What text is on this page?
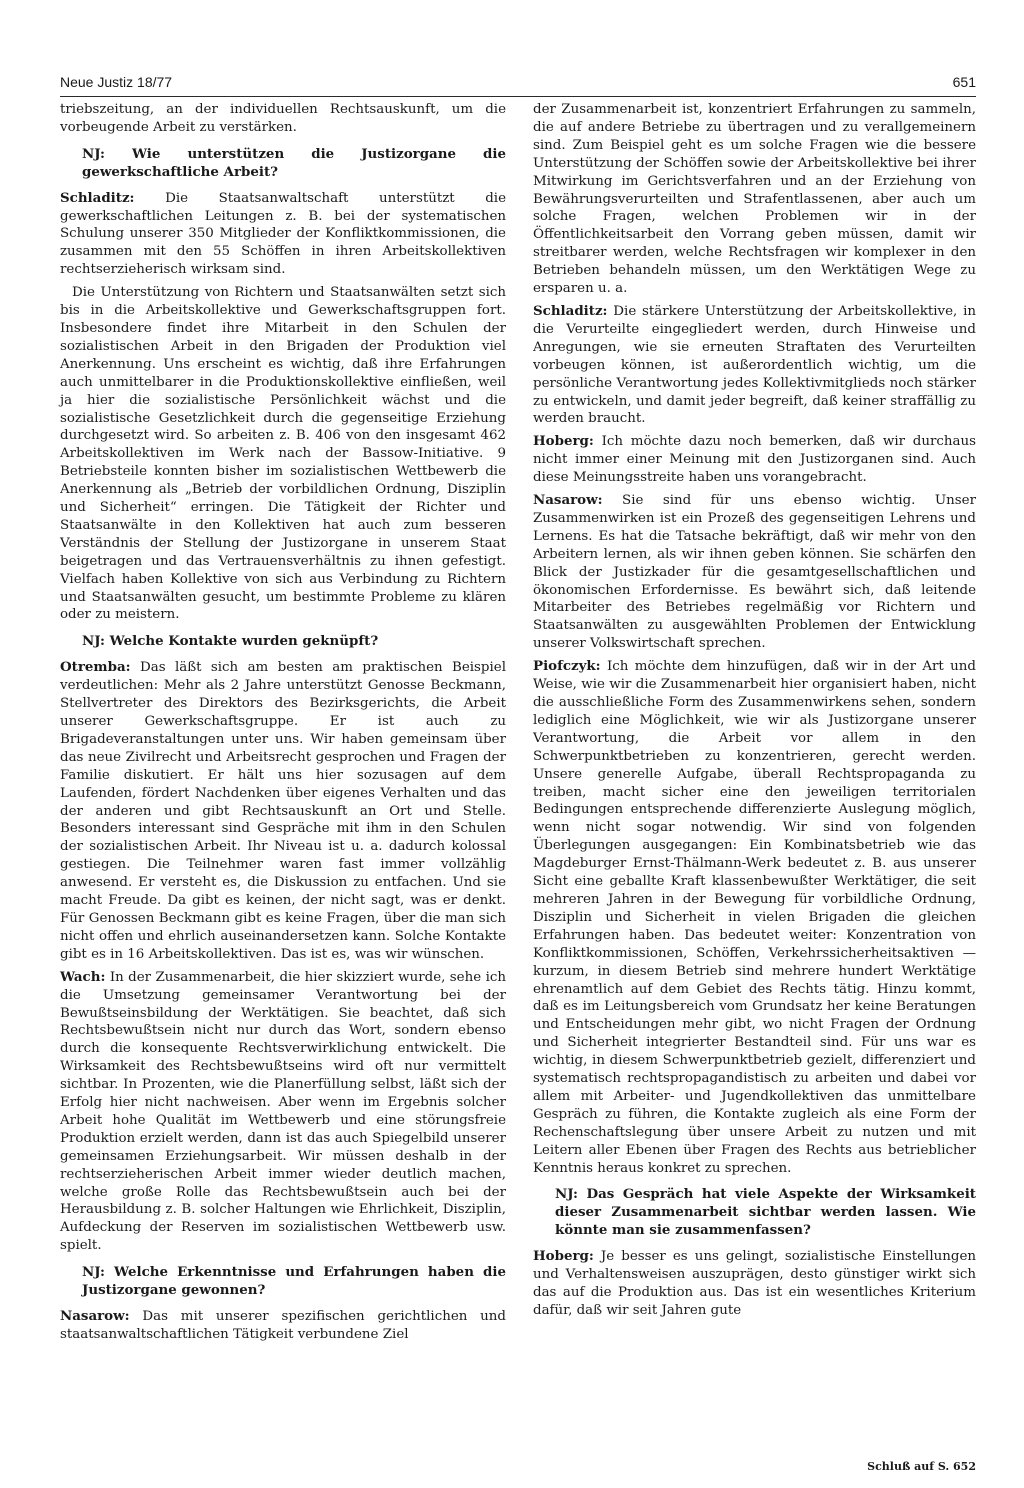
Neue Justiz 18/77	651

triebszeitung, an der individuellen Rechtsauskunft, um die vorbeugende Arbeit zu verstärken.

NJ: Wie unterstützen die Justizorgane die gewerkschaftliche Arbeit?

Schladitz: Die Staatsanwaltschaft unterstützt die gewerkschaftlichen Leitungen z. B. bei der systematischen Schulung unserer 350 Mitglieder der Konfliktkommissionen, die zusammen mit den 55 Schöffen in ihren Arbeitskollektiven rechtserzieherisch wirksam sind.

Die Unterstützung von Richtern und Staatsanwälten setzt sich bis in die Arbeitskollektive und Gewerkschaftsgruppen fort. Insbesondere findet ihre Mitarbeit in den Schulen der sozialistischen Arbeit in den Brigaden der Produktion viel Anerkennung. Uns erscheint es wichtig, daß ihre Erfahrungen auch unmittelbarer in die Produktionskollektive einfließen, weil ja hier die sozialistische Persönlichkeit wächst und die sozialistische Gesetzlichkeit durch die gegenseitige Erziehung durchgesetzt wird. So arbeiten z. B. 406 von den insgesamt 462 Arbeitskollektiven im Werk nach der Bassow-Initiative. 9 Betriebsteile konnten bisher im sozialistischen Wettbewerb die Anerkennung als „Betrieb der vorbildlichen Ordnung, Disziplin und Sicherheit“ erringen. Die Tätigkeit der Richter und Staatsanwälte in den Kollektiven hat auch zum besseren Verständnis der Stellung der Justizorgane in unserem Staat beigetragen und das Vertrauensverhältnis zu ihnen gefestigt. Vielfach haben Kollektive von sich aus Verbindung zu Richtern und Staatsanwälten gesucht, um bestimmte Probleme zu klären oder zu meistern.

NJ: Welche Kontakte wurden geknüpft?

Otremba: Das läßt sich am besten am praktischen Beispiel verdeutlichen: Mehr als 2 Jahre unterstützt Genosse Beckmann, Stellvertreter des Direktors des Bezirksgerichts, die Arbeit unserer Gewerkschaftsgruppe. Er ist auch zu Brigadeveranstaltungen unter uns. Wir haben gemeinsam über das neue Zivilrecht und Arbeitsrecht gesprochen und Fragen der Familie diskutiert. Er hält uns hier sozusagen auf dem Laufenden, fördert Nachdenken über eigenes Verhalten und das der anderen und gibt Rechtsauskunft an Ort und Stelle. Besonders interessant sind Gespräche mit ihm in den Schulen der sozialistischen Arbeit. Ihr Niveau ist u. a. dadurch kolossal gestiegen. Die Teilnehmer waren fast immer vollzählig anwesend. Er versteht es, die Diskussion zu entfachen. Und sie macht Freude. Da gibt es keinen, der nicht sagt, was er denkt. Für Genossen Beckmann gibt es keine Fragen, über die man sich nicht offen und ehrlich auseinandersetzen kann. Solche Kontakte gibt es in 16 Arbeitskollektiven. Das ist es, was wir wünschen.

Wach: In der Zusammenarbeit, die hier skizziert wurde, sehe ich die Umsetzung gemeinsamer Verantwortung bei der Bewußtseinsbildung der Werktätigen. Sie beachtet, daß sich Rechtsbewußtsein nicht nur durch das Wort, sondern ebenso durch die konsequente Rechtsverwirklichung entwickelt. Die Wirksamkeit des Rechtsbewußtseins wird oft nur vermittelt sichtbar. In Prozenten, wie die Planerfüllung selbst, läßt sich der Erfolg hier nicht nachweisen. Aber wenn im Ergebnis solcher Arbeit hohe Qualität im Wettbewerb und eine störungsfreie Produktion erzielt werden, dann ist das auch Spiegelbild unserer gemeinsamen Erziehungsarbeit. Wir müssen deshalb in der rechtserzieherischen Arbeit immer wieder deutlich machen, welche große Rolle das Rechtsbewußtsein auch bei der Herausbildung z. B. solcher Haltungen wie Ehrlichkeit, Disziplin, Aufdeckung der Reserven im sozialistischen Wettbewerb usw. spielt.

NJ: Welche Erkenntnisse und Erfahrungen haben die Justizorgane gewonnen?

Nasarow: Das mit unserer spezifischen gerichtlichen und staatsanwaltschaftlichen Tätigkeit verbundene Ziel

der Zusammenarbeit ist, konzentriert Erfahrungen zu sammeln, die auf andere Betriebe zu übertragen und zu verallgemeinern sind. Zum Beispiel geht es um solche Fragen wie die bessere Unterstützung der Schöffen sowie der Arbeitskollektive bei ihrer Mitwirkung im Gerichtsverfahren und an der Erziehung von Bewährungsverurteilten und Strafentlassenen, aber auch um solche Fragen, welchen Problemen wir in der Öffentlichkeitsarbeit den Vorrang geben müssen, damit wir streitbarer werden, welche Rechtsfragen wir komplexer in den Betrieben behandeln müssen, um den Werktätigen Wege zu ersparen u. a.

Schladitz: Die stärkere Unterstützung der Arbeitskollektive, in die Verurteilte eingegliedert werden, durch Hinweise und Anregungen, wie sie erneuten Straftaten des Verurteilten vorbeugen können, ist außerordentlich wichtig, um die persönliche Verantwortung jedes Kollektivmitglieds noch stärker zu entwickeln, und damit jeder begreift, daß keiner straffällig zu werden braucht.

Hoberg: Ich möchte dazu noch bemerken, daß wir durchaus nicht immer einer Meinung mit den Justizorganen sind. Auch diese Meinungsstreite haben uns vorangebracht.

Nasarow: Sie sind für uns ebenso wichtig. Unser Zusammenwirken ist ein Prozeß des gegenseitigen Lehrens und Lernens. Es hat die Tatsache bekräftigt, daß wir mehr von den Arbeitern lernen, als wir ihnen geben können. Sie schärfen den Blick der Justizkader für die gesamtgesellschaftlichen und ökonomischen Erfordernisse. Es bewährt sich, daß leitende Mitarbeiter des Betriebes regelmäßig vor Richtern und Staatsanwälten zu ausgewählten Problemen der Entwicklung unserer Volkswirtschaft sprechen.

Piofczyk: Ich möchte dem hinzufügen, daß wir in der Art und Weise, wie wir die Zusammenarbeit hier organisiert haben, nicht die ausschließliche Form des Zusammenwirkens sehen, sondern lediglich eine Möglichkeit, wie wir als Justizorgane unserer Verantwortung, die Arbeit vor allem in den Schwerpunktbetrieben zu konzentrieren, gerecht werden. Unsere generelle Aufgabe, überall Rechtspropaganda zu treiben, macht sicher eine den jeweiligen territorialen Bedingungen entsprechende differenzierte Auslegung möglich, wenn nicht sogar notwendig. Wir sind von folgenden Überlegungen ausgegangen: Ein Kombinatsbetrieb wie das Magdeburger Ernst-Thälmann-Werk bedeutet z. B. aus unserer Sicht eine geballte Kraft klassenbewußter Werktätiger, die seit mehreren Jahren in der Bewegung für vorbildliche Ordnung, Disziplin und Sicherheit in vielen Brigaden die gleichen Erfahrungen haben. Das bedeutet weiter: Konzentration von Konfliktkommissionen, Schöffen, Verkehrssicherheitsaktiven — kurzum, in diesem Betrieb sind mehrere hundert Werktätige ehrenamtlich auf dem Gebiet des Rechts tätig. Hinzu kommt, daß es im Leitungsbereich vom Grundsatz her keine Beratungen und Entscheidungen mehr gibt, wo nicht Fragen der Ordnung und Sicherheit integrierter Bestandteil sind. Für uns war es wichtig, in diesem Schwerpunktbetrieb gezielt, differenziert und systematisch rechtspropagandistisch zu arbeiten und dabei vor allem mit Arbeiter- und Jugendkollektiven das unmittelbare Gespräch zu führen, die Kontakte zugleich als eine Form der Rechenschaftslegung über unsere Arbeit zu nutzen und mit Leitern aller Ebenen über Fragen des Rechts aus betrieblicher Kenntnis heraus konkret zu sprechen.

NJ: Das Gespräch hat viele Aspekte der Wirksamkeit dieser Zusammenarbeit sichtbar werden lassen. Wie könnte man sie zusammenfassen?

Hoberg: Je besser es uns gelingt, sozialistische Einstellungen und Verhaltensweisen auszuprägen, desto günstiger wirkt sich das auf die Produktion aus. Das ist ein wesentliches Kriterium dafür, daß wir seit Jahren gute

Schluß auf S. 652
